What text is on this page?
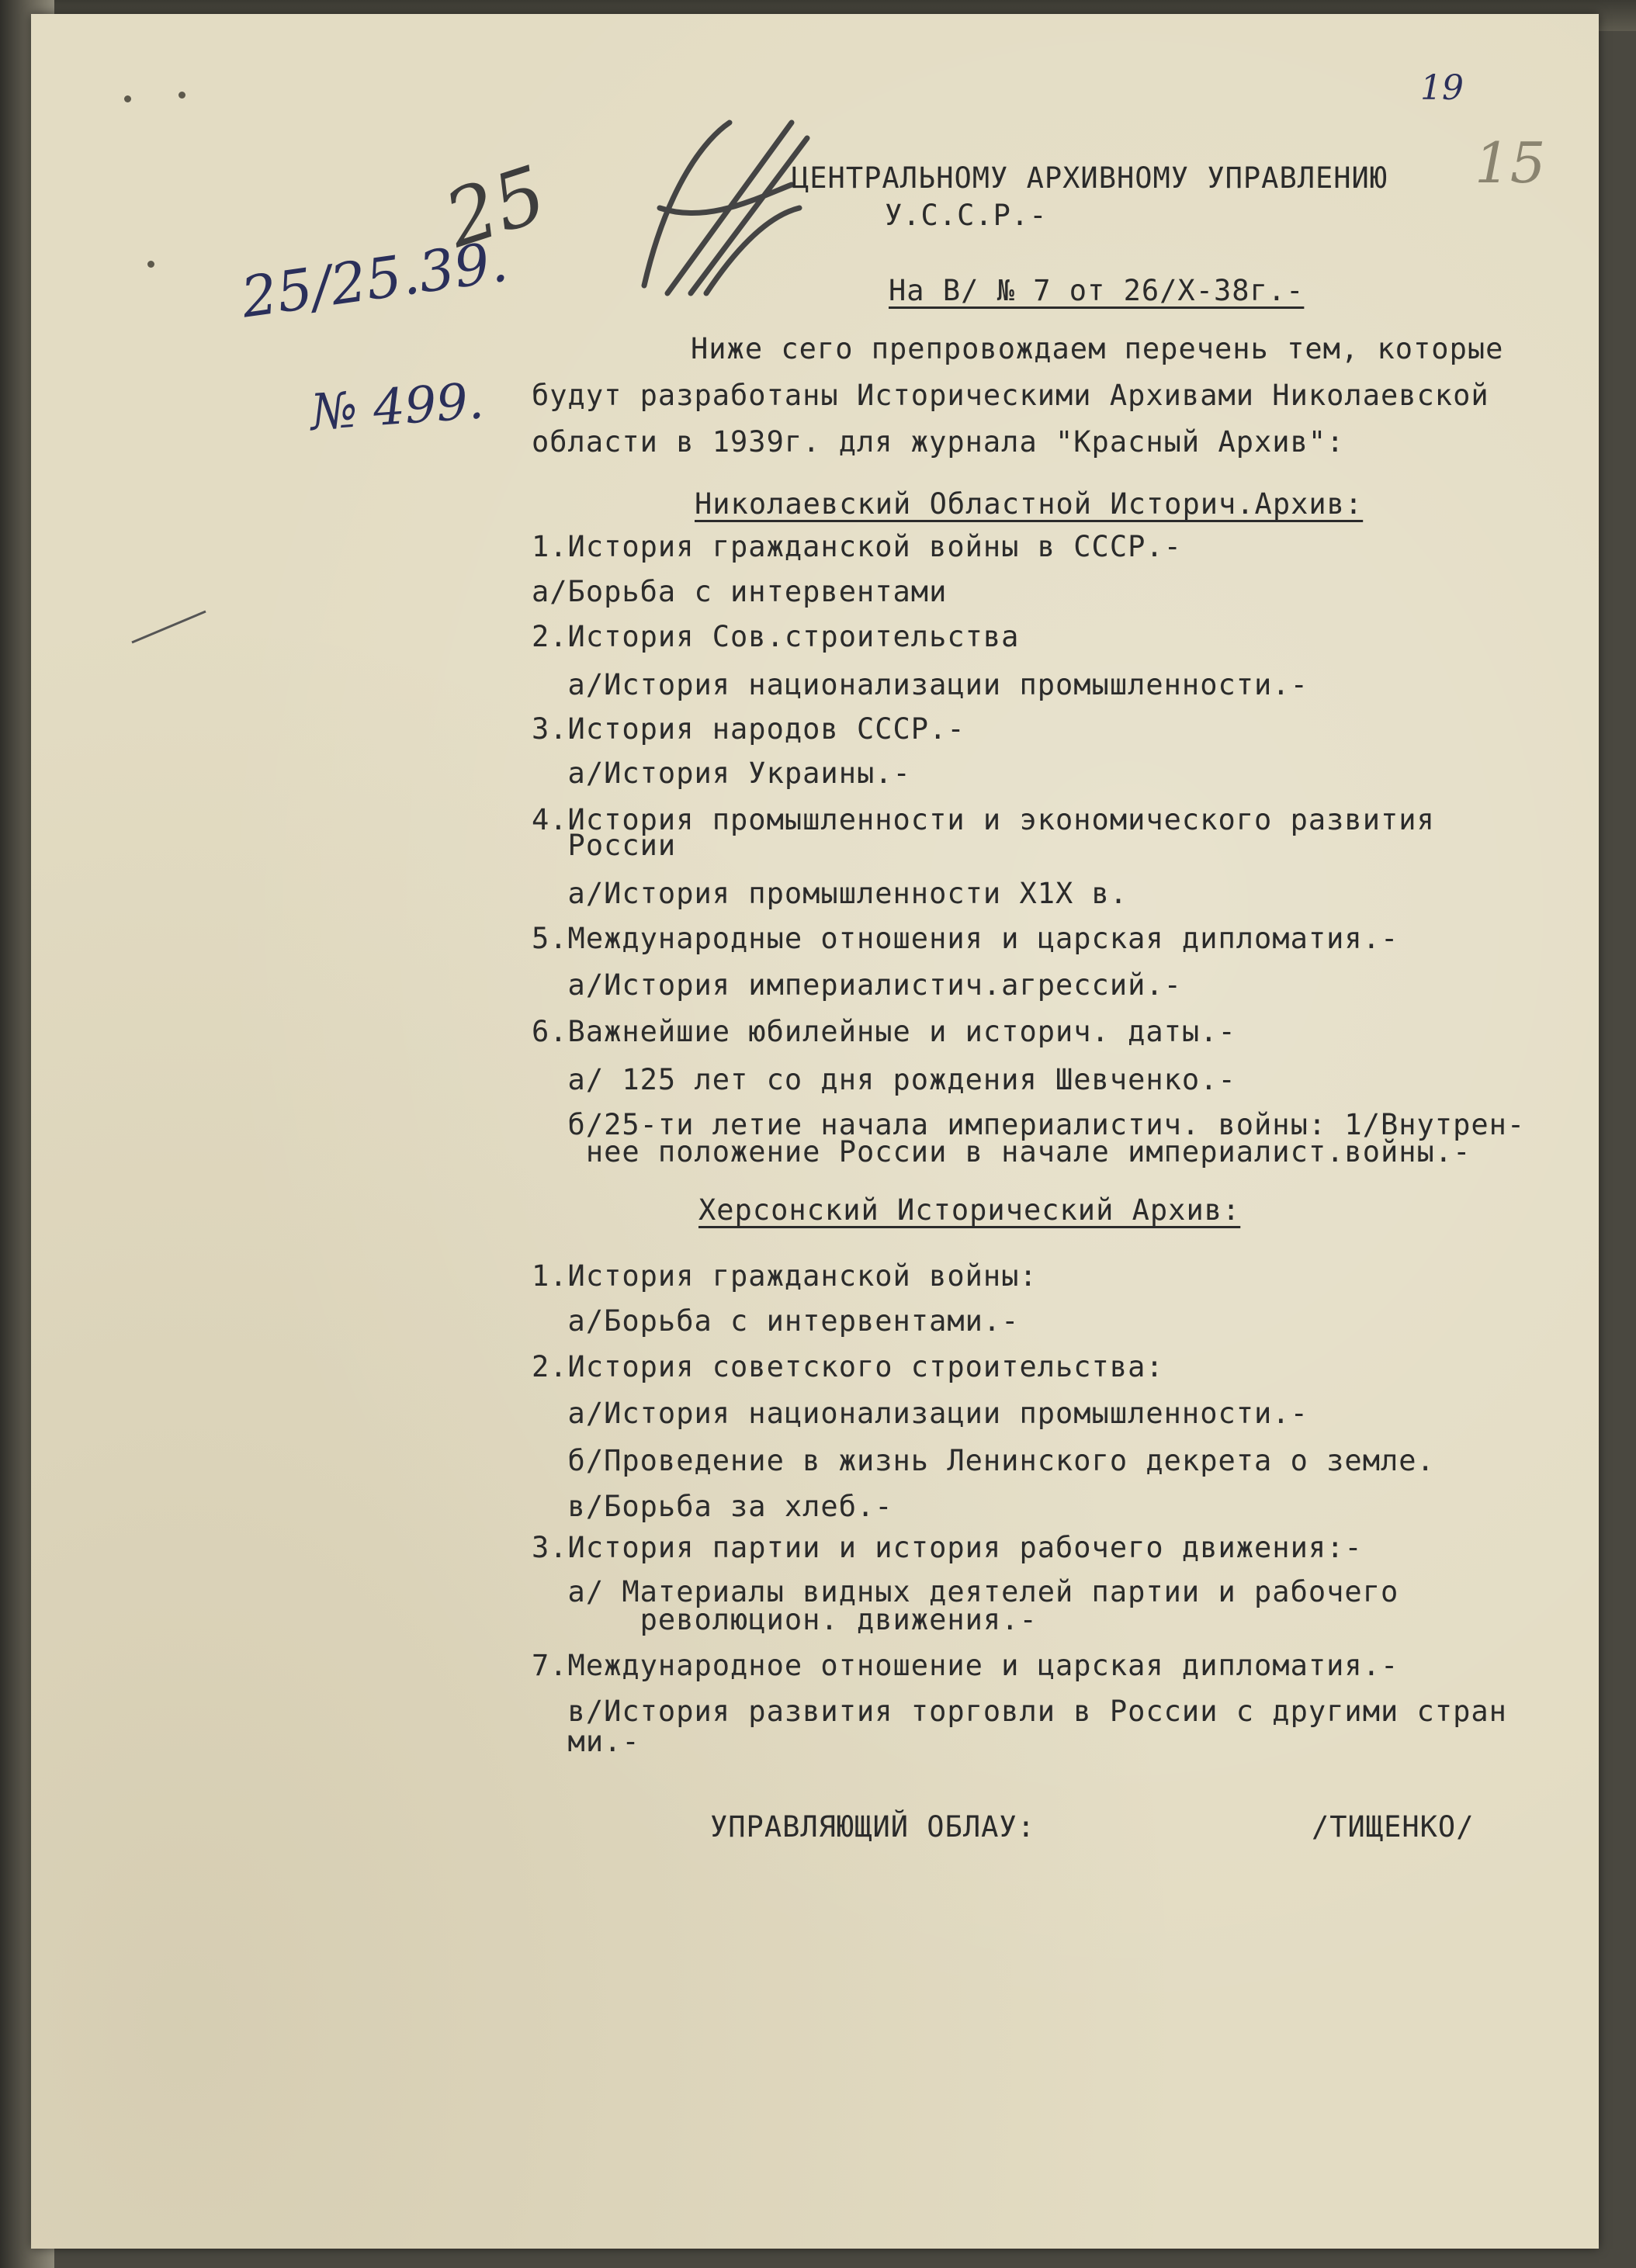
19
15
25
25/25.39.
№ 499.
ЦЕНТРАЛЬНОМУ АРХИВНОМУ УПРАВЛЕНИЮ
У.С.С.Р.-
На В/ № 7 от 26/Х-38г.-
Ниже сего препровождаем перечень тем, которые
будут разработаны Историческими Архивами Николаевской
области в 1939г. для журнала "Красный Архив":
Николаевский Областной Историч.Архив:
1.История гражданской войны в СССР.-
а/Борьба с интервентами
2.История Сов.строительства
а/История национализации промышленности.-
3.История народов СССР.-
а/История Украины.-
4.История промышленности и экономического развития
России
а/История промышленности Х1Х в.
5.Международные отношения и царская дипломатия.-
а/История империалистич.агрессий.-
6.Важнейшие юбилейные и историч. даты.-
а/ 125 лет со дня рождения Шевченко.-
б/25-ти летие начала империалистич. войны: 1/Внутрен-
нее положение России в начале империалист.войны.-
Херсонский Исторический Архив:
1.История гражданской войны:
а/Борьба с интервентами.-
2.История советского строительства:
а/История национализации промышленности.-
б/Проведение в жизнь Ленинского декрета о земле.
в/Борьба за хлеб.-
3.История партии и история рабочего движения:-
а/ Материалы видных деятелей партии и рабочего
революцион. движения.-
7.Международное отношение и царская дипломатия.-
в/История развития торговли в России с другими стран
ми.-
УПРАВЛЯЮЩИЙ ОБЛАУ:	/ТИЩЕНКО/
